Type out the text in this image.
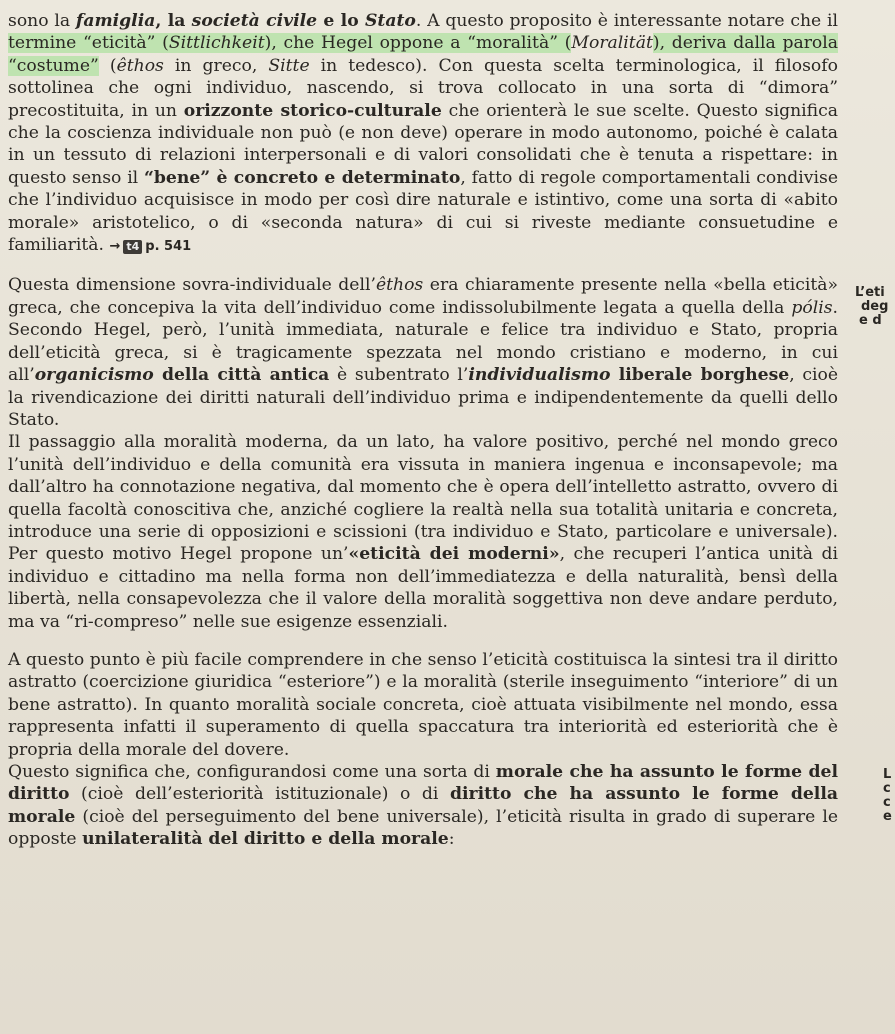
sono la famiglia, la società civile e lo Stato. A questo proposito è interessante notare che il termine “eticità” (Sittlichkeit), che Hegel oppone a “moralità” (Moralität), deriva dalla parola “costume” (êthos in greco, Sitte in tedesco). Con questa scelta terminologica, il filosofo sottolinea che ogni individuo, nascendo, si trova collocato in una sorta di “dimora” precostituita, in un orizzonte storico-culturale che orienterà le sue scelte. Questo significa che la coscienza individuale non può (e non deve) operare in modo autonomo, poiché è calata in un tessuto di relazioni interpersonali e di valori consolidati che è tenuta a rispettare: in questo senso il “bene” è concreto e determinato, fatto di regole comportamentali condivise che l’individuo acquisisce in modo per così dire naturale e istintivo, come una sorta di «abito morale» aristotelico, o di «seconda natura» di cui si riveste mediante consuetudine e familiarità. → t4 p. 541

Questa dimensione sovra-individuale dell’êthos era chiaramente presente nella «bella eticità» greca, che concepiva la vita dell’individuo come indissolubilmente legata a quella della pólis. Secondo Hegel, però, l’unità immediata, naturale e felice tra individuo e Stato, propria dell’eticità greca, si è tragicamente spezzata nel mondo cristiano e moderno, in cui all’organicismo della città antica è subentrato l’individualismo liberale borghese, cioè la rivendicazione dei diritti naturali dell’individuo prima e indipendentemente da quelli dello Stato.

Il passaggio alla moralità moderna, da un lato, ha valore positivo, perché nel mondo greco l’unità dell’individuo e della comunità era vissuta in maniera ingenua e inconsapevole; ma dall’altro ha connotazione negativa, dal momento che è opera dell’intelletto astratto, ovvero di quella facoltà conoscitiva che, anziché cogliere la realtà nella sua totalità unitaria e concreta, introduce una serie di opposizioni e scissioni (tra individuo e Stato, particolare e universale). Per questo motivo Hegel propone un’«eticità dei moderni», che recuperi l’antica unità di individuo e cittadino ma nella forma non dell’immediatezza e della naturalità, bensì della libertà, nella consapevolezza che il valore della moralità soggettiva non deve andare perduto, ma va “ri-compreso” nelle sue esigenze essenziali.

A questo punto è più facile comprendere in che senso l’eticità costituisca la sintesi tra il diritto astratto (coercizione giuridica “esteriore”) e la moralità (sterile inseguimento “interiore” di un bene astratto). In quanto moralità sociale concreta, cioè attuata visibilmente nel mondo, essa rappresenta infatti il superamento di quella spaccatura tra interiorità ed esteriorità che è propria della morale del dovere.

Questo significa che, configurandosi come una sorta di morale che ha assunto le forme del diritto (cioè dell’esteriorità istituzionale) o di diritto che ha assunto le forme della morale (cioè del perseguimento del bene universale), l’eticità risulta in grado di superare le opposte unilateralità del diritto e della morale:

L’eti
deg
e d
L
c
c
e
